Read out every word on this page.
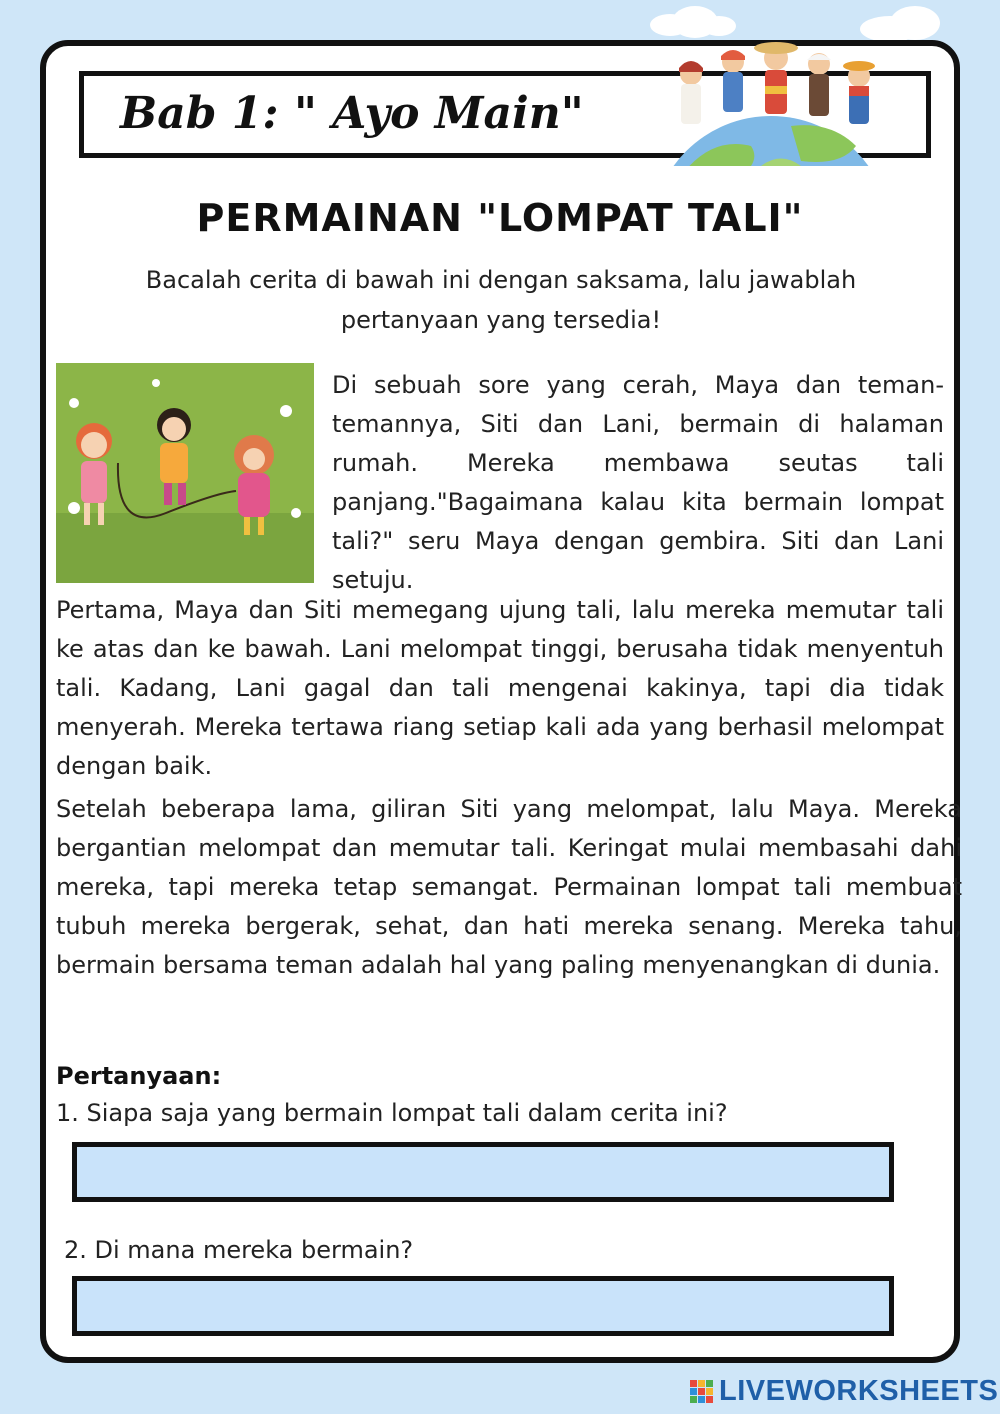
Bab 1: " Ayo Main"
PERMAINAN "LOMPAT TALI"
Bacalah cerita di bawah ini dengan saksama, lalu jawablah pertanyaan yang tersedia!
Di sebuah sore yang cerah, Maya dan teman-temannya, Siti dan Lani, bermain di halaman rumah. Mereka membawa seutas tali panjang."Bagaimana kalau kita bermain lompat tali?" seru Maya dengan gembira. Siti dan Lani setuju.
Pertama, Maya dan Siti memegang ujung tali, lalu mereka memutar tali ke atas dan ke bawah. Lani melompat tinggi, berusaha tidak menyentuh tali. Kadang, Lani gagal dan tali mengenai kakinya, tapi dia tidak menyerah. Mereka tertawa riang setiap kali ada yang berhasil melompat dengan baik.
Setelah beberapa lama, giliran Siti yang melompat, lalu Maya. Mereka bergantian melompat dan memutar tali. Keringat mulai membasahi dahi mereka, tapi mereka tetap semangat. Permainan lompat tali membuat tubuh mereka bergerak, sehat, dan hati mereka senang. Mereka tahu, bermain bersama teman adalah hal yang paling menyenangkan di dunia.
Pertanyaan:
1. Siapa saja yang bermain lompat tali dalam cerita ini?
2. Di mana mereka bermain?
LIVEWORKSHEETS
